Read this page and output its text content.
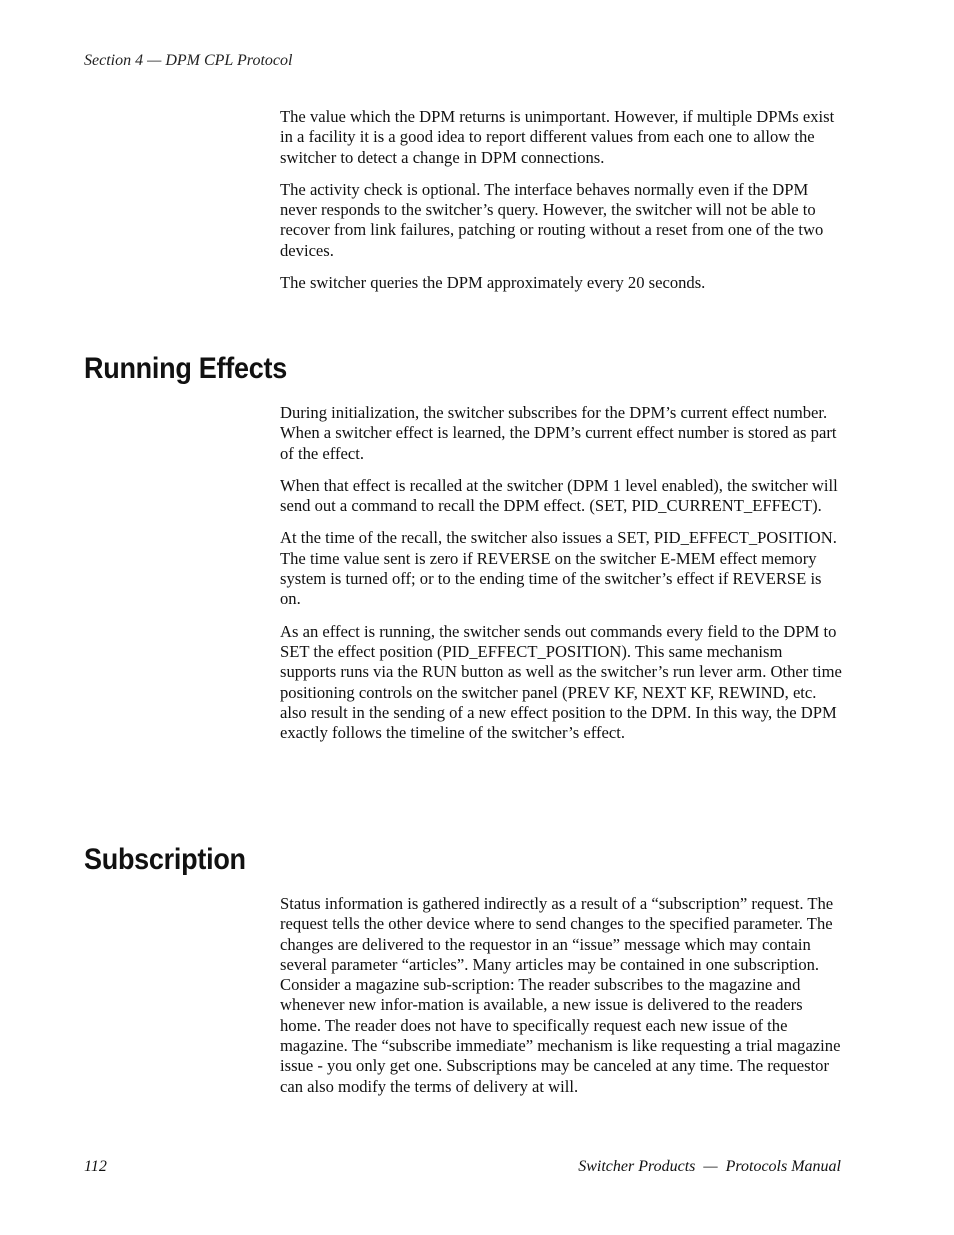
Section 4 — DPM CPL Protocol

The value which the DPM returns is unimportant. However, if multiple DPMs exist in a facility it is a good idea to report different values from each one to allow the switcher to detect a change in DPM connections.

The activity check is optional. The interface behaves normally even if the DPM never responds to the switcher’s query. However, the switcher will not be able to recover from link failures, patching or routing without a reset from one of the two devices.

The switcher queries the DPM approximately every 20 seconds.

Running Effects

During initialization, the switcher subscribes for the DPM’s current effect number. When a switcher effect is learned, the DPM’s current effect number is stored as part of the effect.

When that effect is recalled at the switcher (DPM 1 level enabled), the switcher will send out a command to recall the DPM effect. (SET, PID_CURRENT_EFFECT).

At the time of the recall, the switcher also issues a SET, PID_EFFECT_POSITION. The time value sent is zero if REVERSE on the switcher E-MEM effect memory system is turned off; or to the ending time of the switcher’s effect if REVERSE is on.

As an effect is running, the switcher sends out commands every field to the DPM to SET the effect position (PID_EFFECT_POSITION). This same mechanism supports runs via the RUN button as well as the switcher’s run lever arm. Other time positioning controls on the switcher panel (PREV KF, NEXT KF, REWIND, etc. also result in the sending of a new effect position to the DPM. In this way, the DPM exactly follows the timeline of the switcher’s effect.

Subscription

Status information is gathered indirectly as a result of a “subscription” request. The request tells the other device where to send changes to the specified parameter. The changes are delivered to the requestor in an “issue” message which may contain several parameter “articles”. Many articles may be contained in one subscription. Consider a magazine sub-scription: The reader subscribes to the magazine and whenever new infor-mation is available, a new issue is delivered to the readers home. The reader does not have to specifically request each new issue of the magazine. The “subscribe immediate” mechanism is like requesting a trial magazine issue - you only get one. Subscriptions may be canceled at any time. The requestor can also modify the terms of delivery at will.

112	Switcher Products  —  Protocols Manual
